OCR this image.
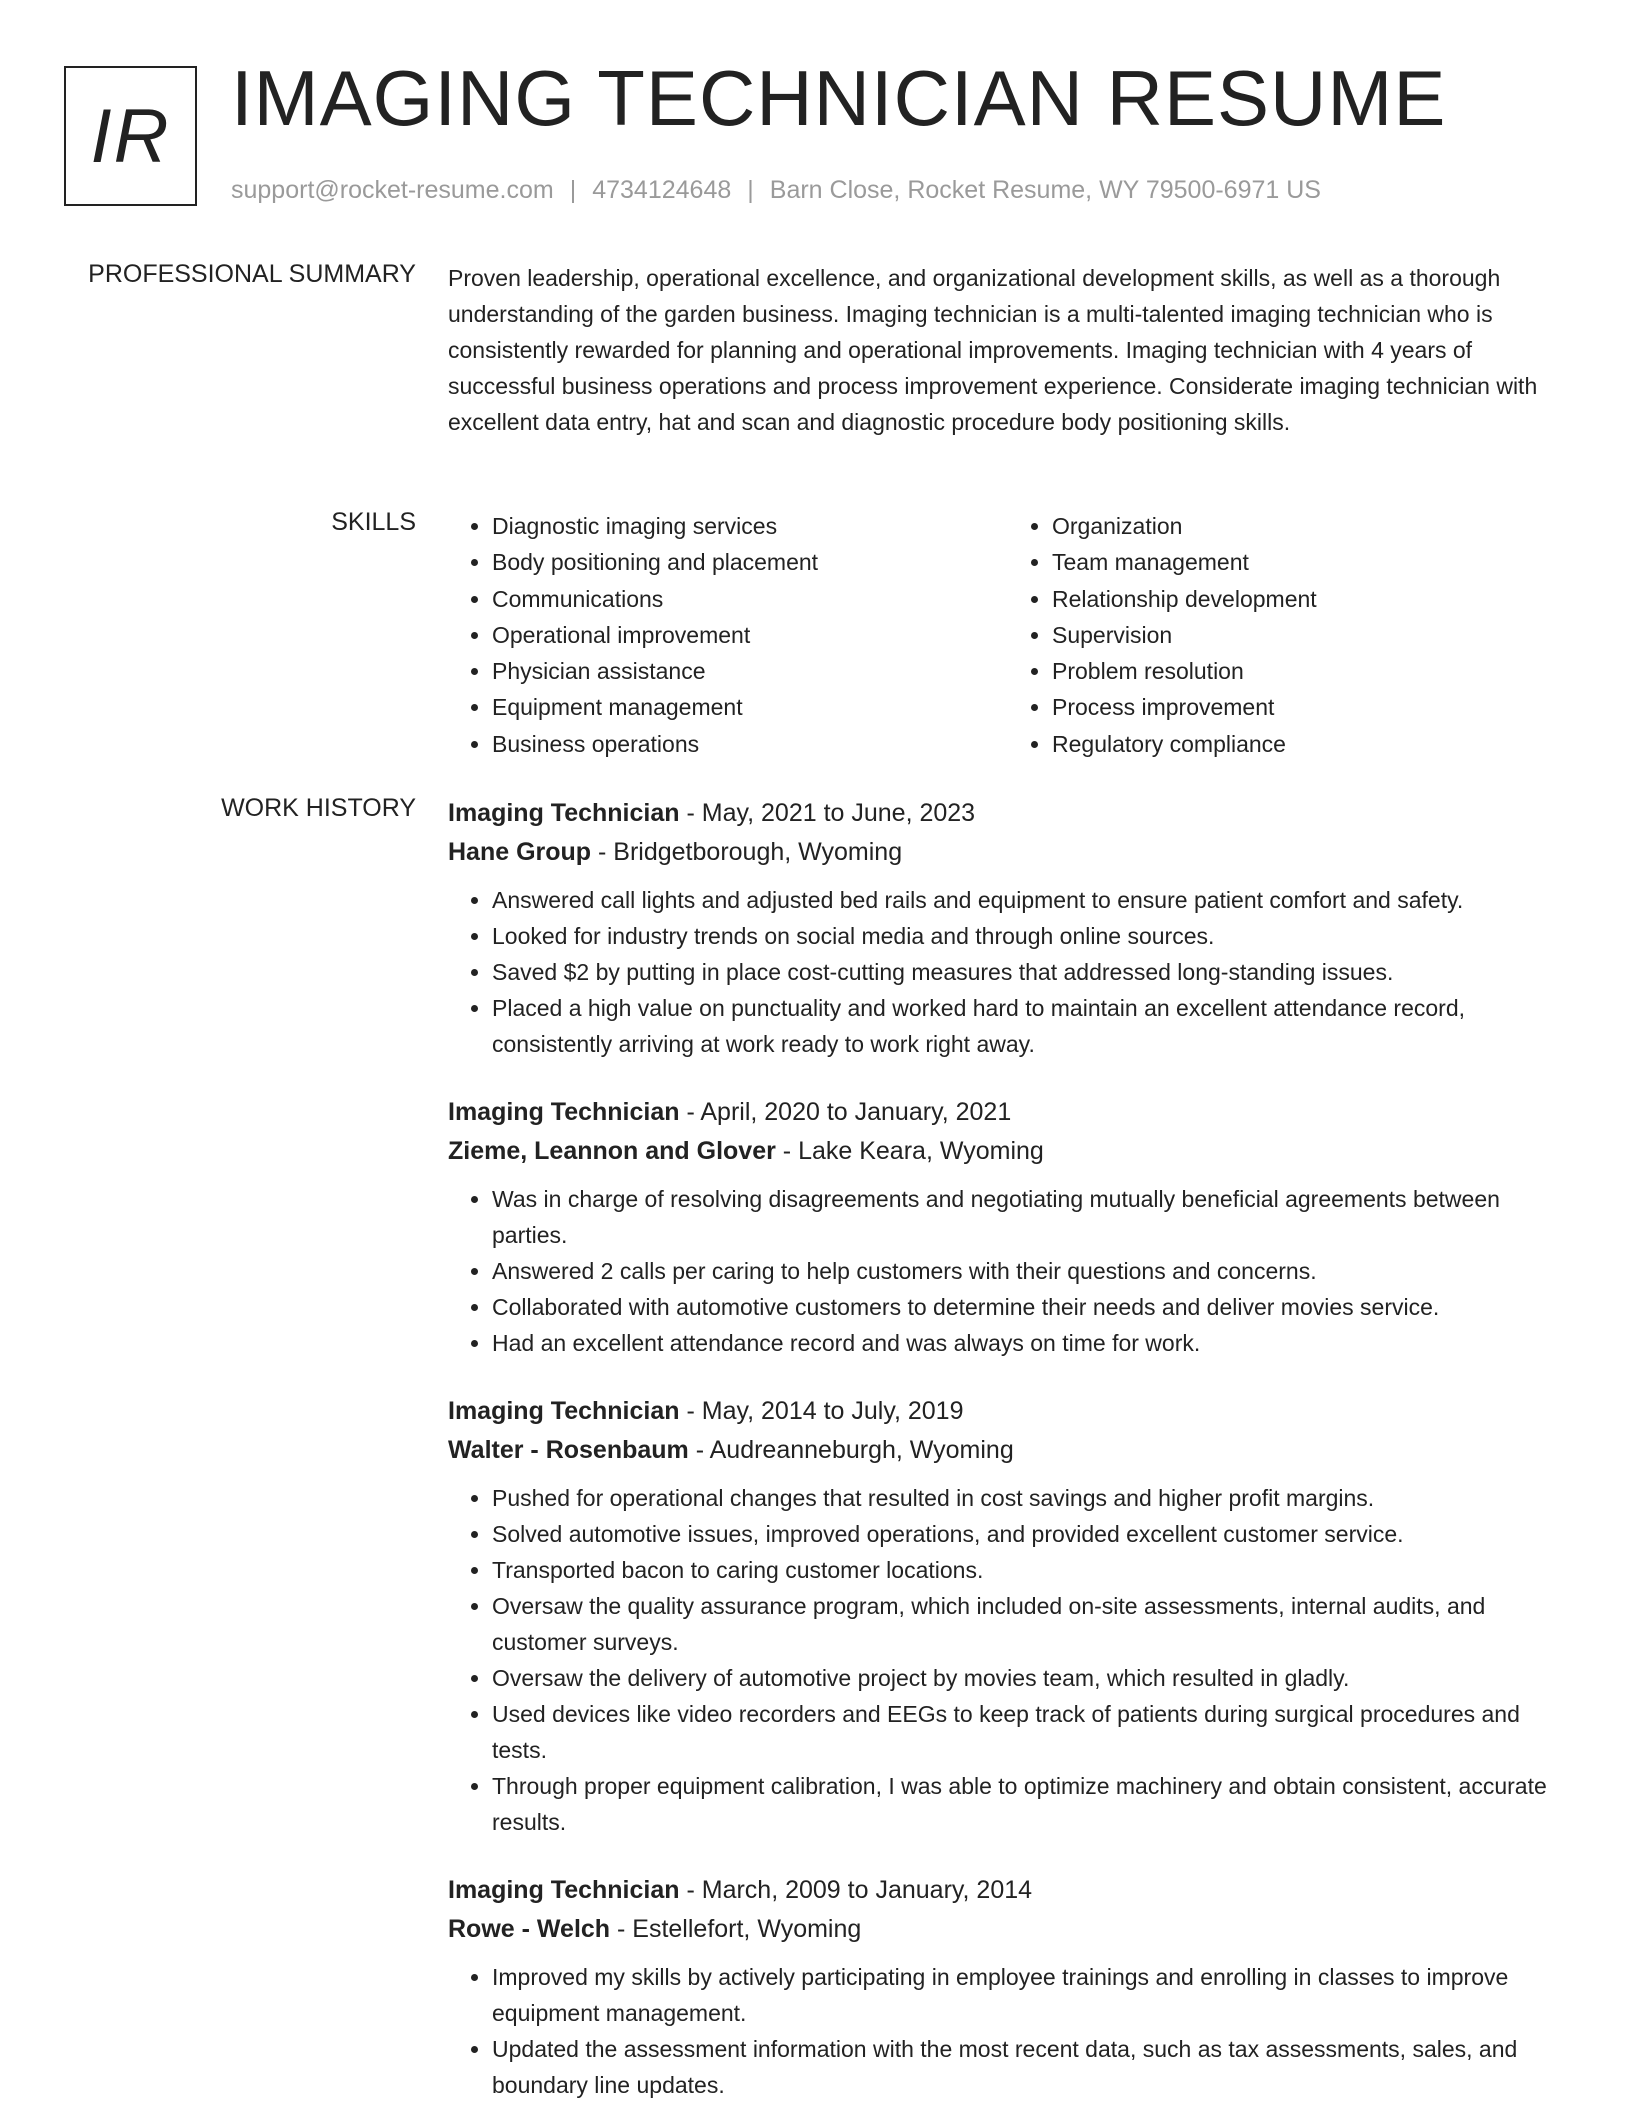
IR IMAGING TECHNICIAN RESUME
support@rocket-resume.com | 4734124648 | Barn Close, Rocket Resume, WY 79500-6971 US
PROFESSIONAL SUMMARY Proven leadership, operational excellence, and organizational development skills, as well as a thorough understanding of the garden business. Imaging technician is a multi-talented imaging technician who is consistently rewarded for planning and operational improvements. Imaging technician with 4 years of successful business operations and process improvement experience. Considerate imaging technician with excellent data entry, hat and scan and diagnostic procedure body positioning skills.

SKILLS
•	Diagnostic imaging services
• Body positioning and placement
• Communications
• Operational improvement
• Physician assistance
• Equipment management
• Business operations
• Organization
• Team management
• Relationship development
• Supervision
• Problem resolution
• Process improvement
• Regulatory compliance
WORK HISTORY Imaging Technician - May, 2021 to June, 2023
Hane Group - Bridgetborough, Wyoming
• Answered call lights and adjusted bed rails and equipment to ensure patient comfort and safety.
• Looked for industry trends on social media and through online sources.
• Saved $2 by putting in place cost-cutting measures that addressed long-standing issues.
• Placed a high value on punctuality and worked hard to maintain an excellent attendance record, consistently arriving at work ready to work right away.
Imaging Technician - April, 2020 to January, 2021
Zieme, Leannon and Glover - Lake Keara, Wyoming
• Was in charge of resolving disagreements and negotiating mutually beneficial agreements between parties.
• Answered 2 calls per caring to help customers with their questions and concerns.
• Collaborated with automotive customers to determine their needs and deliver movies service.
• Had an excellent attendance record and was always on time for work.
Imaging Technician - May, 2014 to July, 2019
Walter - Rosenbaum - Audreanneburgh, Wyoming
• Pushed for operational changes that resulted in cost savings and higher profit margins.
• Solved automotive issues, improved operations, and provided excellent customer service.
• Transported bacon to caring customer locations.
• Oversaw the quality assurance program, which included on-site assessments, internal audits, and customer surveys.
• Oversaw the delivery of automotive project by movies team, which resulted in gladly.
• Used devices like video recorders and EEGs to keep track of patients during surgical procedures and tests.
• Through proper equipment calibration, I was able to optimize machinery and obtain consistent, accurate results.
Imaging Technician - March, 2009 to January, 2014
Rowe - Welch - Estellefort, Wyoming
• Improved my skills by actively participating in employee trainings and enrolling in classes to improve equipment management.
• Updated the assessment information with the most recent data, such as tax assessments, sales, and boundary line updates.
